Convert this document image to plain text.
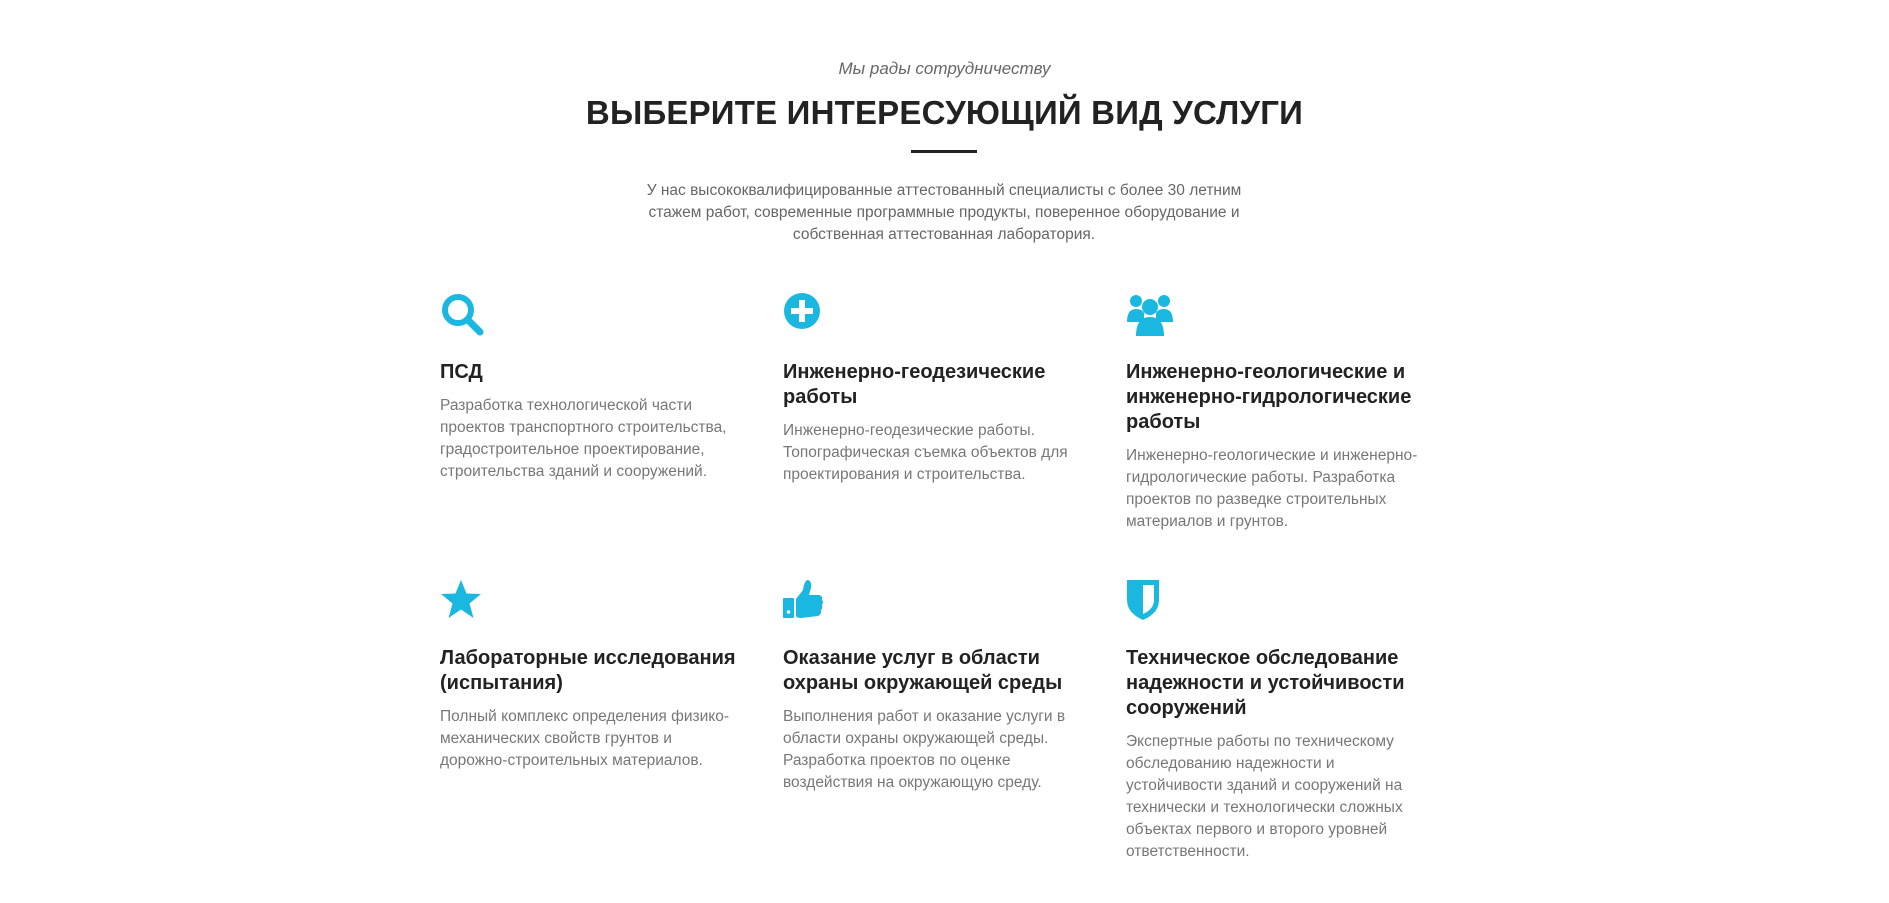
Мы рады сотрудничеству
ВЫБЕРИТЕ ИНТЕРЕСУЮЩИЙ ВИД УСЛУГИ

У нас высококвалифицированные аттестованный специалисты с более 30 летним стажем работ, современные программные продукты, поверенное оборудование и собственная аттестованная лаборатория.

ПСД

Разработка технологической части проектов транспортного строительства, градостроительное проектирование, строительства зданий и сооружений.

Инженерно-геодезические работы

Инженерно-геодезические работы. Топографическая съемка объектов для проектирования и строительства.

Инженерно-геологические и инженерно-гидрологические работы

Инженерно-геологические и инженерно-гидрологические работы. Разработка проектов по разведке строительных материалов и грунтов.

Лабораторные исследования (испытания)

Полный комплекс определения физико-механических свойств грунтов и дорожно-строительных материалов.

Оказание услуг в области охраны окружающей среды

Выполнения работ и оказание услуги в области охраны окружающей среды. Разработка проектов по оценке воздействия на окружающую среду.

Техническое обследование надежности и устойчивости сооружений

Экспертные работы по техническому обследованию надежности и устойчивости зданий и сооружений на технически и технологически сложных объектах первого и второго уровней ответственности.
